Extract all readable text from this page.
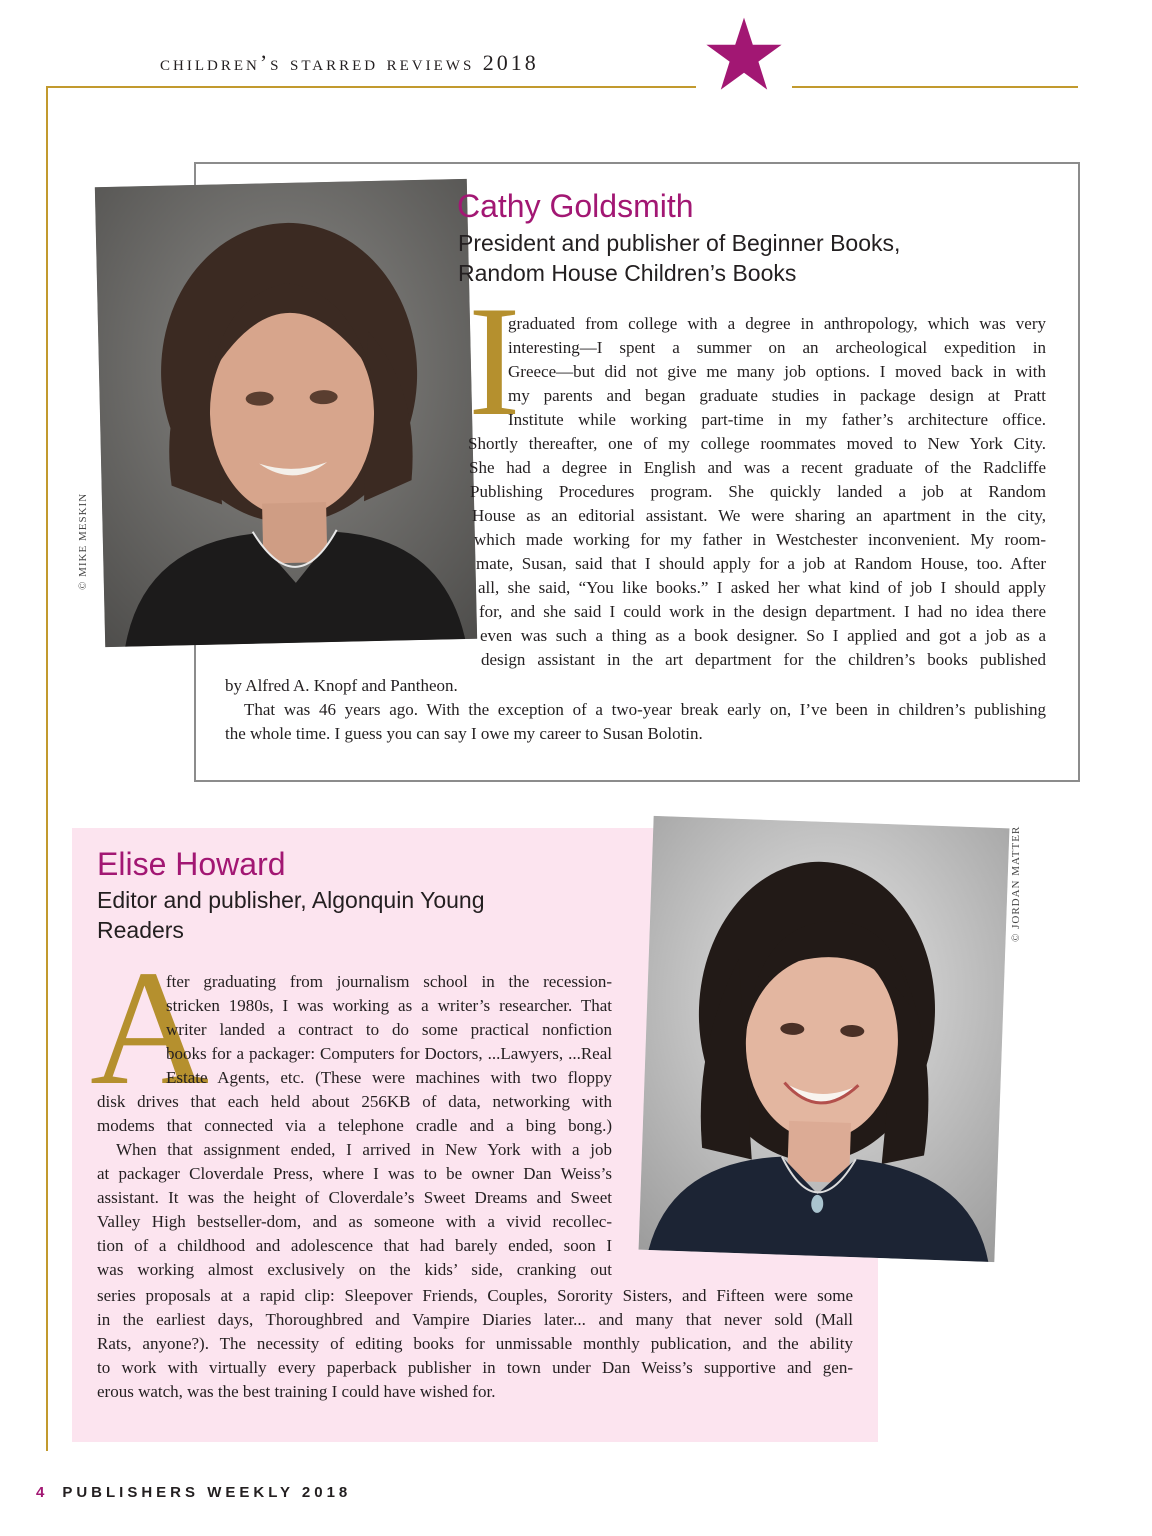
children’s starred reviews 2018
© MIKE MESKIN
Cathy Goldsmith
President and publisher of Beginner Books,
Random House Children’s Books
I
graduated from college with a degree in anthropology, which was very
interesting—I spent a summer on an archeological expedition in
Greece—but did not give me many job options. I moved back in with
my parents and began graduate studies in package design at Pratt
Institute while working part-time in my father’s architecture office.
Shortly thereafter, one of my college roommates moved to New York City.
She had a degree in English and was a recent graduate of the Radcliffe
Publishing Procedures program. She quickly landed a job at Random
House as an editorial assistant. We were sharing an apartment in the city,
which made working for my father in Westchester inconvenient. My room-
mate, Susan, said that I should apply for a job at Random House, too. After
all, she said, “You like books.” I asked her what kind of job I should apply
for, and she said I could work in the design department. I had no idea there
even was such a thing as a book designer. So I applied and got a job as a
design assistant in the art department for the children’s books published
by Alfred A. Knopf and Pantheon.
That was 46 years ago. With the exception of a two-year break early on, I’ve been in children’s publishing
the whole time. I guess you can say I owe my career to Susan Bolotin.
© JORDAN MATTER
Elise Howard
Editor and publisher, Algonquin Young
Readers
A
fter graduating from journalism school in the recession-
stricken 1980s, I was working as a writer’s researcher. That
writer landed a contract to do some practical nonfiction
books for a packager: Computers for Doctors, ...Lawyers, ...Real
Estate Agents, etc. (These were machines with two floppy
disk drives that each held about 256KB of data, networking with
modems that connected via a telephone cradle and a bing bong.)
When that assignment ended, I arrived in New York with a job
at packager Cloverdale Press, where I was to be owner Dan Weiss’s
assistant. It was the height of Cloverdale’s Sweet Dreams and Sweet
Valley High bestseller-dom, and as someone with a vivid recollec-
tion of a childhood and adolescence that had barely ended, soon I
was working almost exclusively on the kids’ side, cranking out
series proposals at a rapid clip: Sleepover Friends, Couples, Sorority Sisters, and Fifteen were some
in the earliest days, Thoroughbred and Vampire Diaries later... and many that never sold (Mall
Rats, anyone?). The necessity of editing books for unmissable monthly publication, and the ability
to work with virtually every paperback publisher in town under Dan Weiss’s supportive and gen-
erous watch, was the best training I could have wished for.
4 PUBLISHERS WEEKLY 2018
